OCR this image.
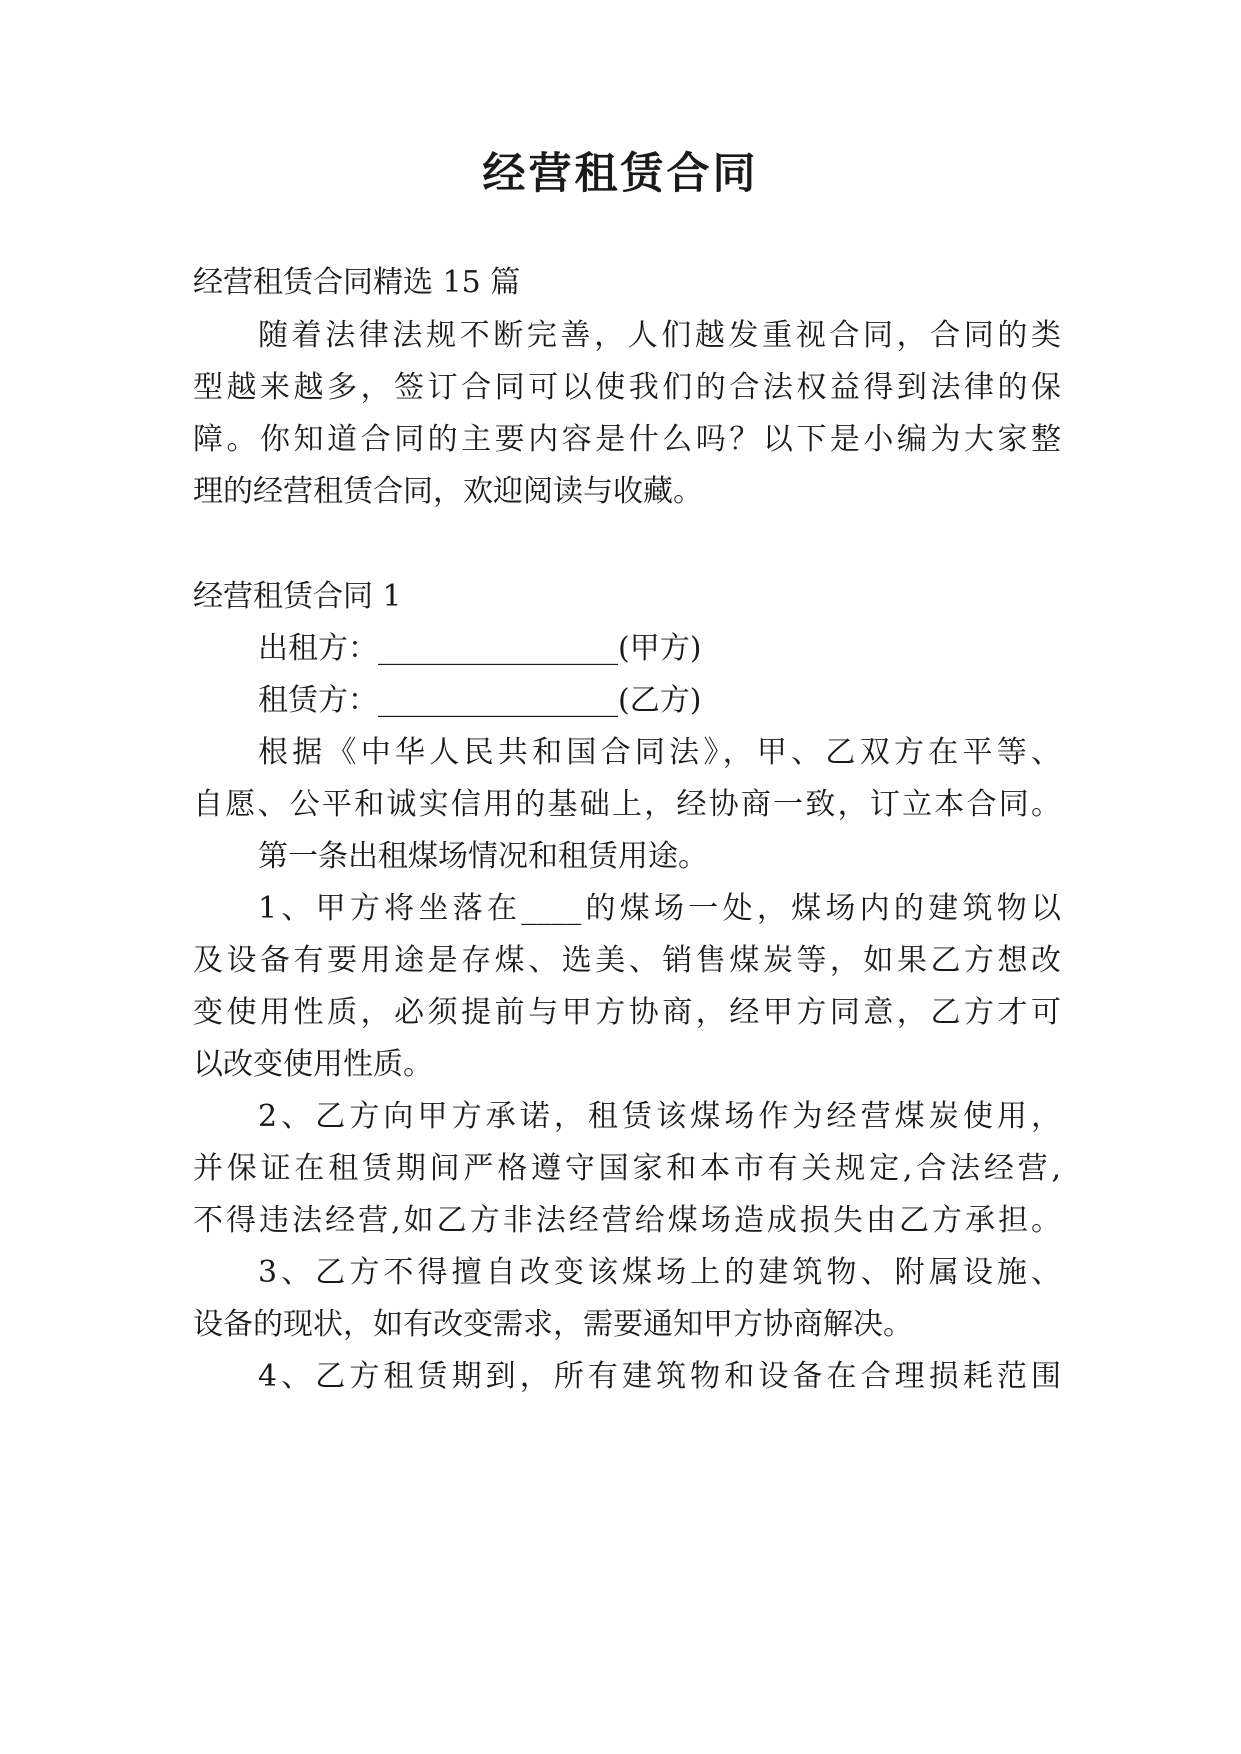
经营租赁合同

经营租赁合同精选 15 篇

随着法律法规不断完善，人们越发重视合同，合同的类

型越来越多，签订合同可以使我们的合法权益得到法律的保

障。你知道合同的主要内容是什么吗？以下是小编为大家整

理的经营租赁合同，欢迎阅读与收藏。

经营租赁合同 1

出租方：________________(甲方)

租赁方：________________(乙方)

根据《中华人民共和国合同法》，甲、乙双方在平等、

自愿、公平和诚实信用的基础上，经协商一致，订立本合同。

第一条出租煤场情况和租赁用途。

1、甲方将坐落在____的煤场一处，煤场内的建筑物以

及设备有要用途是存煤、选美、销售煤炭等，如果乙方想改

变使用性质，必须提前与甲方协商，经甲方同意，乙方才可

以改变使用性质。

2、乙方向甲方承诺，租赁该煤场作为经营煤炭使用，

并保证在租赁期间严格遵守国家和本市有关规定,合法经营,

不得违法经营,如乙方非法经营给煤场造成损失由乙方承担。

3、乙方不得擅自改变该煤场上的建筑物、附属设施、

设备的现状，如有改变需求，需要通知甲方协商解决。

4、乙方租赁期到，所有建筑物和设备在合理损耗范围
